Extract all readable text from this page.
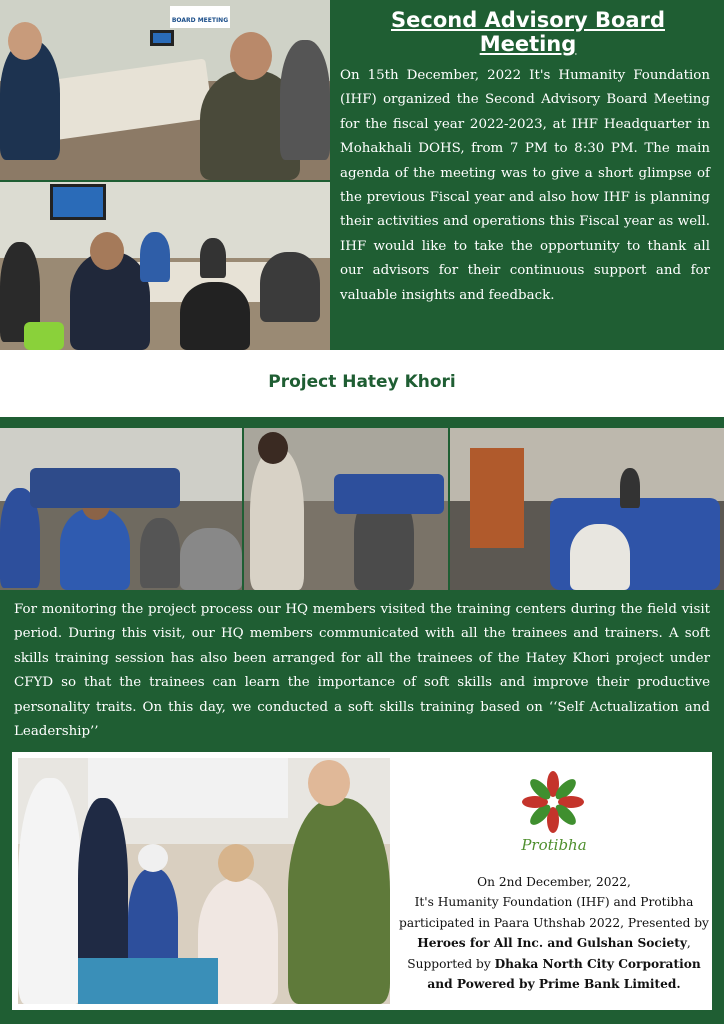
BOARD MEETING	Second Advisory Board Meeting

On 15th December, 2022 It's Humanity Foundation (IHF) organized the Second Advisory Board Meeting for the fiscal year 2022-2023, at IHF Headquarter in Mohakhali DOHS, from 7 PM to 8:30 PM. The main agenda of the meeting was to give a short glimpse of the previous Fiscal year and also how IHF is planning their activities and operations this Fiscal year as well. IHF would like to take the opportunity to thank all our advisors for their continuous support and for valuable insights and feedback.

Project Hatey Khori

For monitoring the project process our HQ members visited the training centers during the field visit period. During this visit, our HQ members communicated with all the trainees and trainers. A soft skills training session has also been arranged for all the trainees of the Hatey Khori project under CFYD so that the trainees can learn the importance of soft skills and improve their productive personality traits. On this day, we conducted a soft skills training based on ‘‘Self Actualization and Leadership’’

Protibha
On 2nd December, 2022,
It's Humanity Foundation (IHF) and Protibha
participated in Paara Uthshab 2022, Presented by
Heroes for All Inc. and Gulshan Society,
Supported by Dhaka North City Corporation
and Powered by Prime Bank Limited.
